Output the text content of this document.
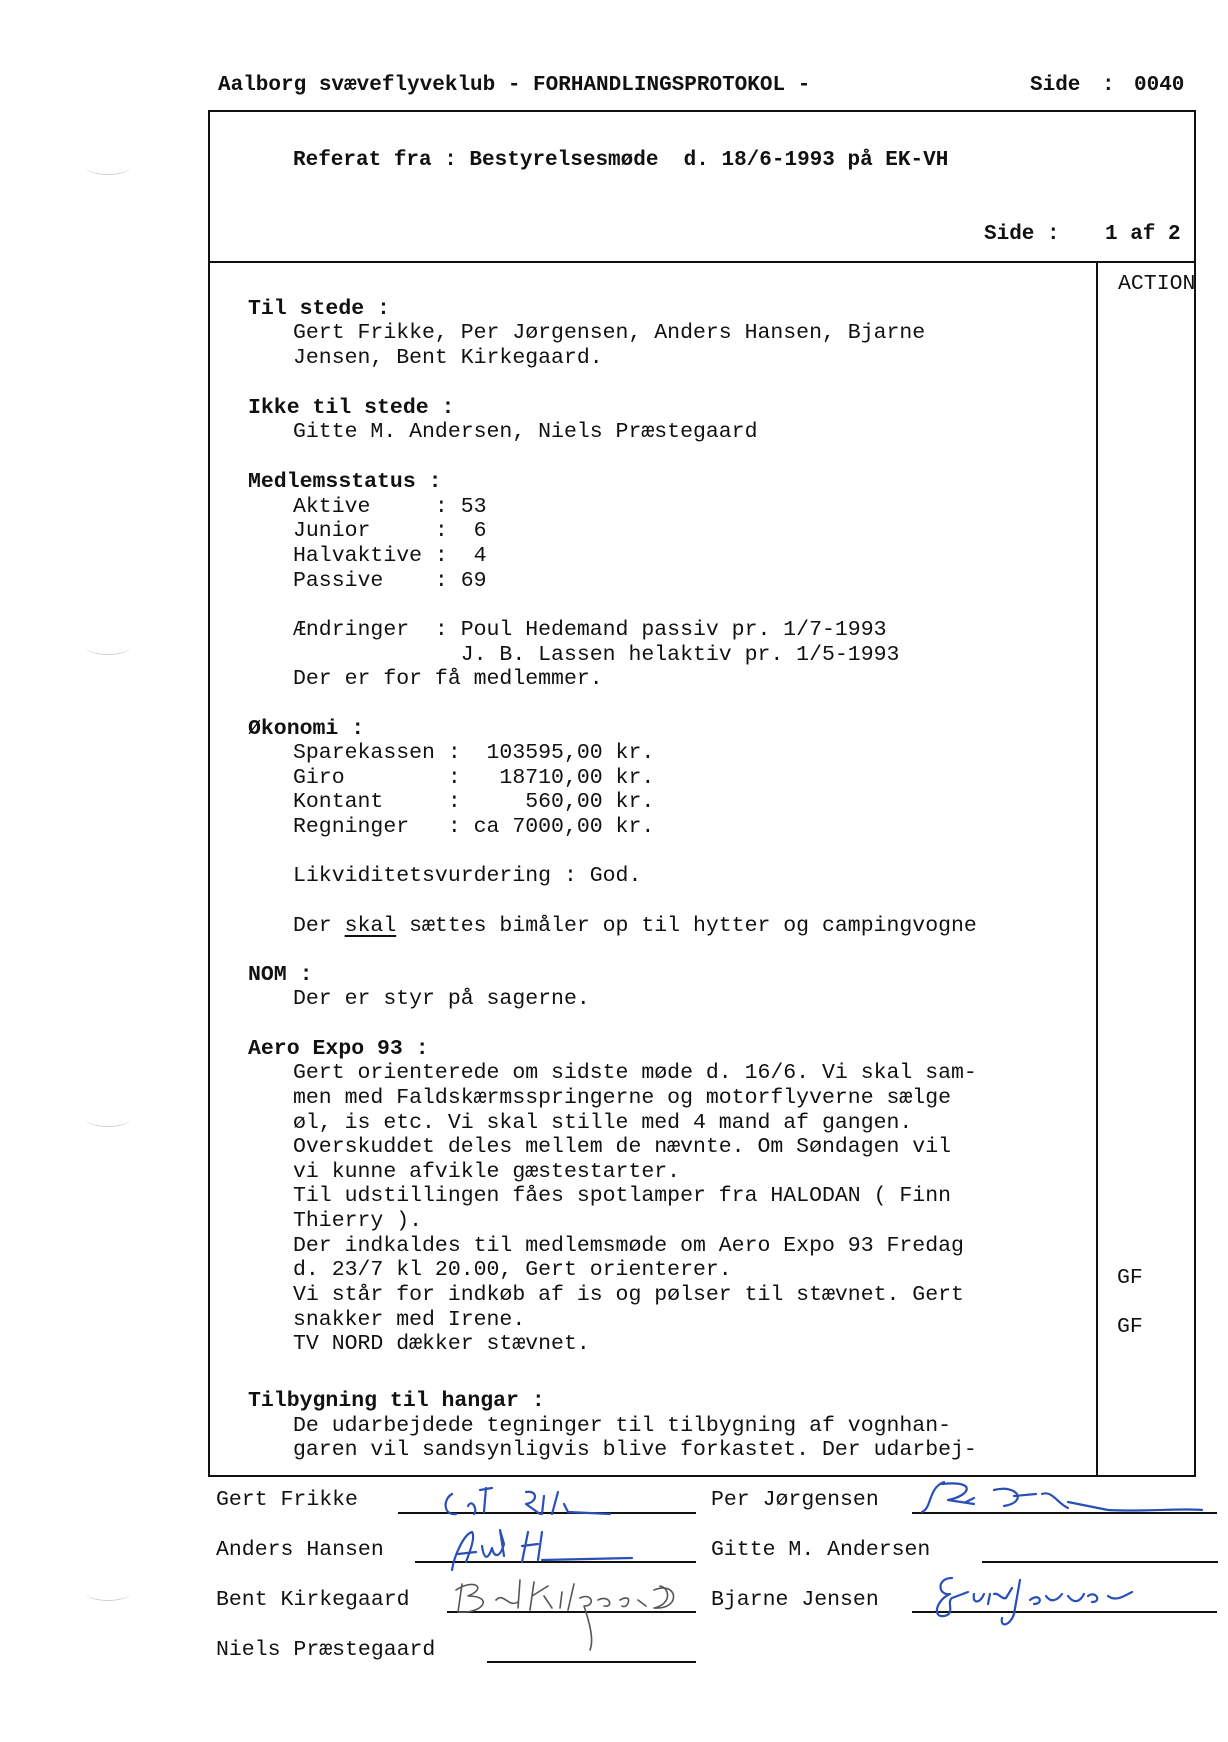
Aalborg svæveflyveklub - FORHANDLINGSPROTOKOL -	Side : 0040
Referat fra : Bestyrelsesmøde  d. 18/6-1993 på EK-VH
Side : 1 af 2
ACTION
Til stede :
Gert Frikke, Per Jørgensen, Anders Hansen, Bjarne
Jensen, Bent Kirkegaard.
Ikke til stede :
Gitte M. Andersen, Niels Præstegaard
Medlemsstatus :
Aktive     : 53
Junior     :  6
Halvaktive :  4
Passive    : 69
Ændringer  : Poul Hedemand passiv pr. 1/7-1993
J. B. Lassen helaktiv pr. 1/5-1993
Der er for få medlemmer.
Økonomi :
Sparekassen :  103595,00 kr.
Giro        :   18710,00 kr.
Kontant     :     560,00 kr.
Regninger   : ca 7000,00 kr.
Likviditetsvurdering : God.
Der skal sættes bimåler op til hytter og campingvogne
NOM :
Der er styr på sagerne.
Aero Expo 93 :
Gert orienterede om sidste møde d. 16/6. Vi skal sam-
men med Faldskærmsspringerne og motorflyverne sælge
øl, is etc. Vi skal stille med 4 mand af gangen.
Overskuddet deles mellem de nævnte. Om Søndagen vil
vi kunne afvikle gæstestarter.
Til udstillingen fåes spotlamper fra HALODAN ( Finn
Thierry ).
Der indkaldes til medlemsmøde om Aero Expo 93 Fredag
d. 23/7 kl 20.00, Gert orienterer.
Vi står for indkøb af is og pølser til stævnet. Gert
snakker med Irene.
TV NORD dækker stævnet.
GF
GF
Tilbygning til hangar :
De udarbejdede tegninger til tilbygning af vognhan-
garen vil sandsynligvis blive forkastet. Der udarbej-
Gert Frikke	Per Jørgensen
Anders Hansen	Gitte M. Andersen
Bent Kirkegaard	Bjarne Jensen
Niels Præstegaard
